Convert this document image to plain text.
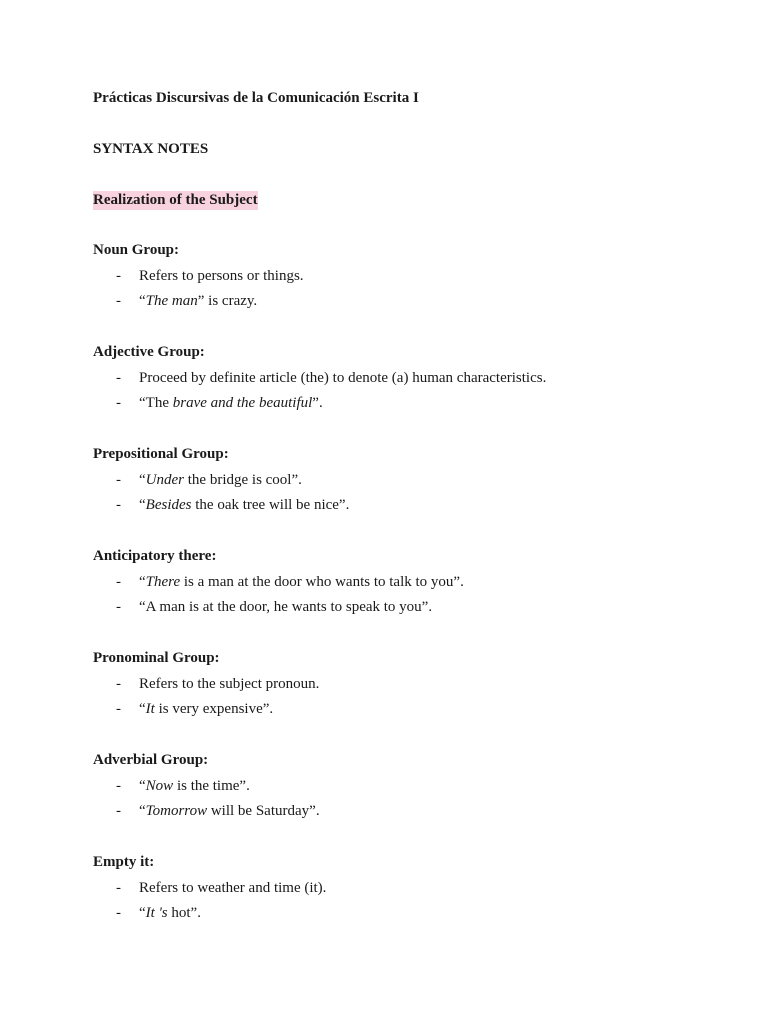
Prácticas Discursivas de la Comunicación Escrita I
SYNTAX NOTES
Realization of the Subject
Noun Group:
- Refers to persons or things.
- “The man” is crazy.
Adjective Group:
- Proceed by definite article (the) to denote (a) human characteristics.
- “The brave and the beautiful”.
Prepositional Group:
- “Under the bridge is cool”.
- “Besides the oak tree will be nice”.
Anticipatory there:
- “There is a man at the door who wants to talk to you”.
- “A man is at the door, he wants to speak to you”.
Pronominal Group:
- Refers to the subject pronoun.
- “It is very expensive”.
Adverbial Group:
- “Now is the time”.
- “Tomorrow will be Saturday”.
Empty it:
- Refers to weather and time (it).
- “It 's hot”.
